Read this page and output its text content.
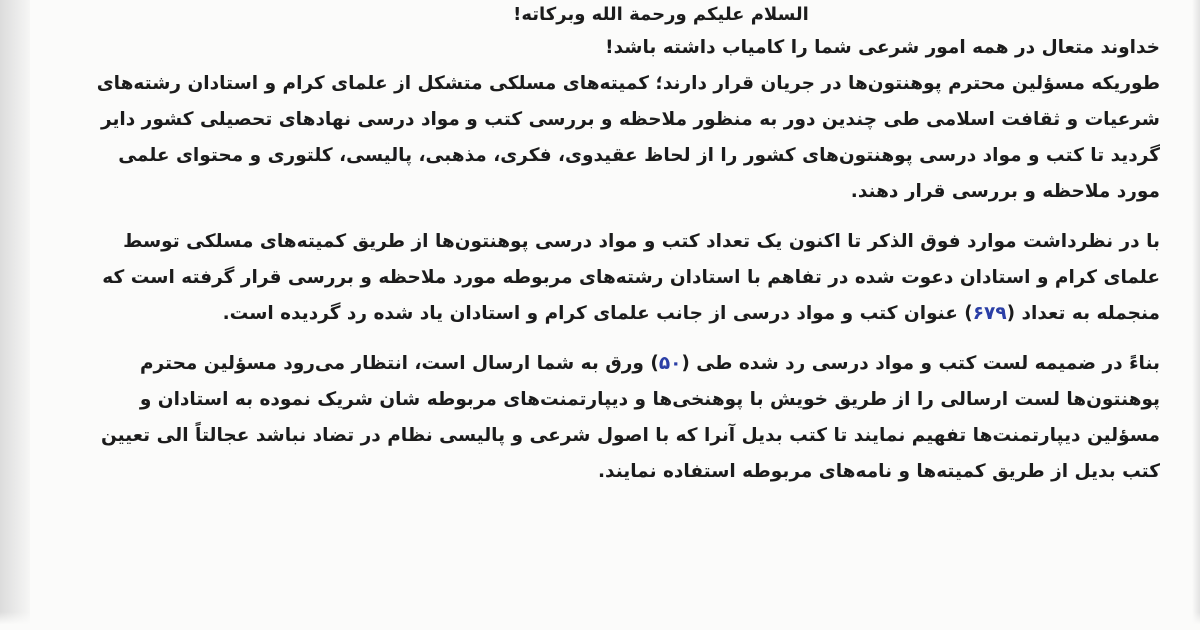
السلام علیکم ورحمة الله وبرکاته!
خداوند متعال در همه امور شرعی شما را کامیاب داشته باشد!
طوریکه مسؤلین محترم پوهنتون‌ها در جریان قرار دارند؛ کمیته‌های مسلکی متشکل از علمای کرام و استادان رشته‌های
شرعیات و ثقافت اسلامی طی چندین دور به منظور ملاحظه و بررسی کتب و مواد درسی نهادهای تحصیلی کشور دایر
گردید تا کتب و مواد درسی پوهنتون‌های کشور را از لحاظ عقیدوی، فکری، مذهبی، پالیسی، کلتوری و محتوای علمی
مورد ملاحظه و بررسی قرار دهند.
با در نظرداشت موارد فوق الذکر تا اکنون یک تعداد کتب و مواد درسی پوهنتون‌ها از طریق کمیته‌های مسلکی توسط
علمای کرام و استادان دعوت شده در تفاهم با استادان رشته‌های مربوطه مورد ملاحظه و بررسی قرار گرفته است که
منجمله به تعداد (۶۷۹) عنوان کتب و مواد درسی از جانب علمای کرام و استادان یاد شده رد گردیده است.
بناءً در ضمیمه لست کتب و مواد درسی رد شده طی (۵۰) ورق به شما ارسال است، انتظار می‌رود مسؤلین محترم
پوهنتون‌ها لست ارسالی را از طریق خویش با پوهنخی‌ها و دیپارتمنت‌های مربوطه شان شریک نموده به استادان و
مسؤلین دیپارتمنت‌ها تفهیم نمایند تا کتب بدیل آنرا که با اصول شرعی و پالیسی نظام در تضاد نباشد عجالتاً الی تعیین
کتب بدیل از طریق کمیته‌ها و نامه‌های مربوطه استفاده نمایند.
